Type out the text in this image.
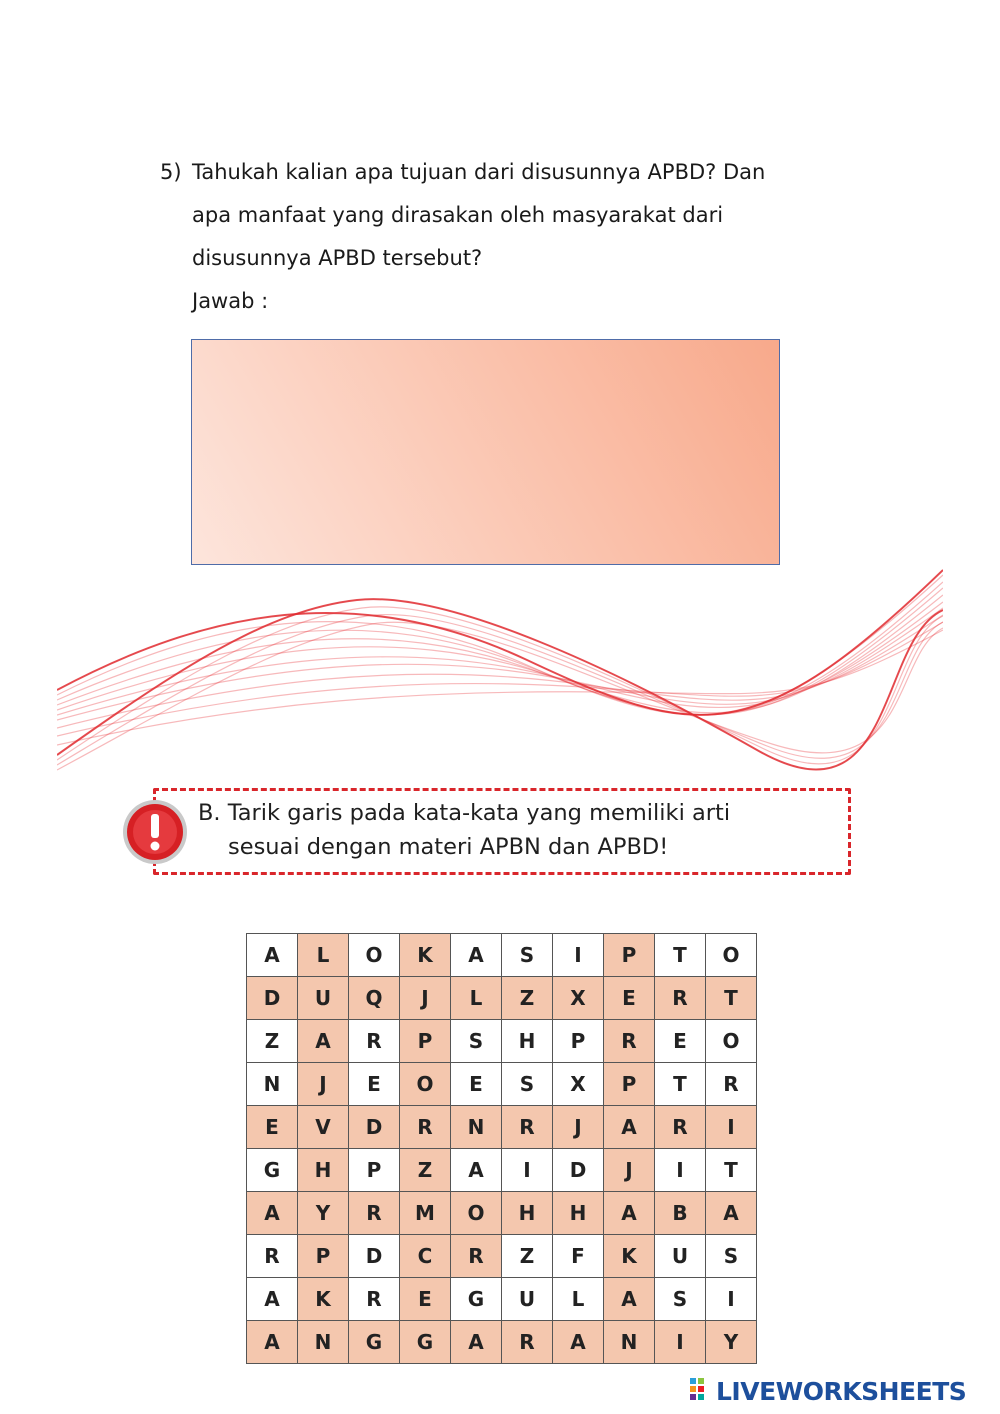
5) Tahukah kalian apa tujuan dari disusunnya APBD? Dan
apa manfaat yang dirasakan oleh masyarakat dari
disusunnya APBD tersebut?
Jawab :
B. Tarik garis pada kata-kata yang memiliki arti
sesuai dengan materi APBN dan APBD!
A	L	O	K	A	S	I	P	T	O
D	U	Q	J	L	Z	X	E	R	T
Z	A	R	P	S	H	P	R	E	O
N	J	E	O	E	S	X	P	T	R
E	V	D	R	N	R	J	A	R	I
G	H	P	Z	A	I	D	J	I	T
A	Y	R	M	O	H	H	A	B	A
R	P	D	C	R	Z	F	K	U	S
A	K	R	E	G	U	L	A	S	I
A	N	G	G	A	R	A	N	I	Y
LIVEWORKSHEETS
